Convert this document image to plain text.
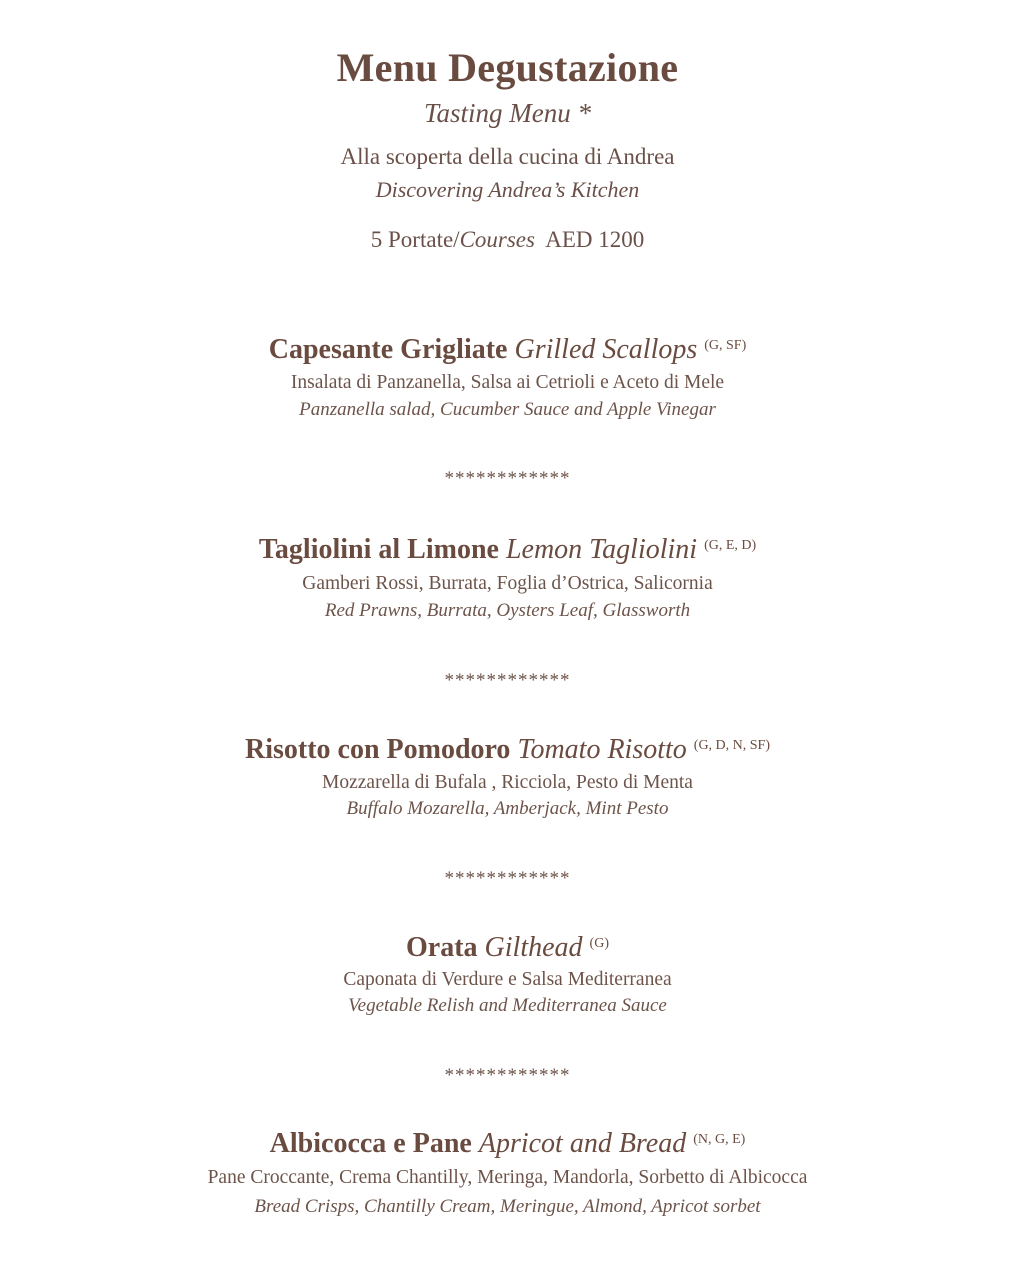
Menu Degustazione
Tasting Menu *
Alla scoperta della cucina di Andrea
Discovering Andrea’s Kitchen
5 Portate/Courses AED 1200
Capesante Grigliate Grilled Scallops $^{(G, SF)}$
Insalata di Panzanella, Salsa ai Cetrioli e Aceto di Mele
Panzanella salad, Cucumber Sauce and Apple Vinegar
************
Tagliolini al Limone Lemon Tagliolini $^{(G, E, D)}$
Gamberi Rossi, Burrata, Foglia d’Ostrica, Salicornia
Red Prawns, Burrata, Oysters Leaf, Glassworth
************
Risotto con Pomodoro Tomato Risotto $^{(G, D, N, SF)}$
Mozzarella di Bufala , Ricciola, Pesto di Menta
Buffalo Mozarella, Amberjack, Mint Pesto
************
Orata Gilthead $^{(G)}$
Caponata di Verdure e Salsa Mediterranea
Vegetable Relish and Mediterranea Sauce
************
Albicocca e Pane Apricot and Bread $^{(N, G, E)}$
Pane Croccante, Crema Chantilly, Meringa, Mandorla, Sorbetto di Albicocca
Bread Crisps, Chantilly Cream, Meringue, Almond, Apricot sorbet
